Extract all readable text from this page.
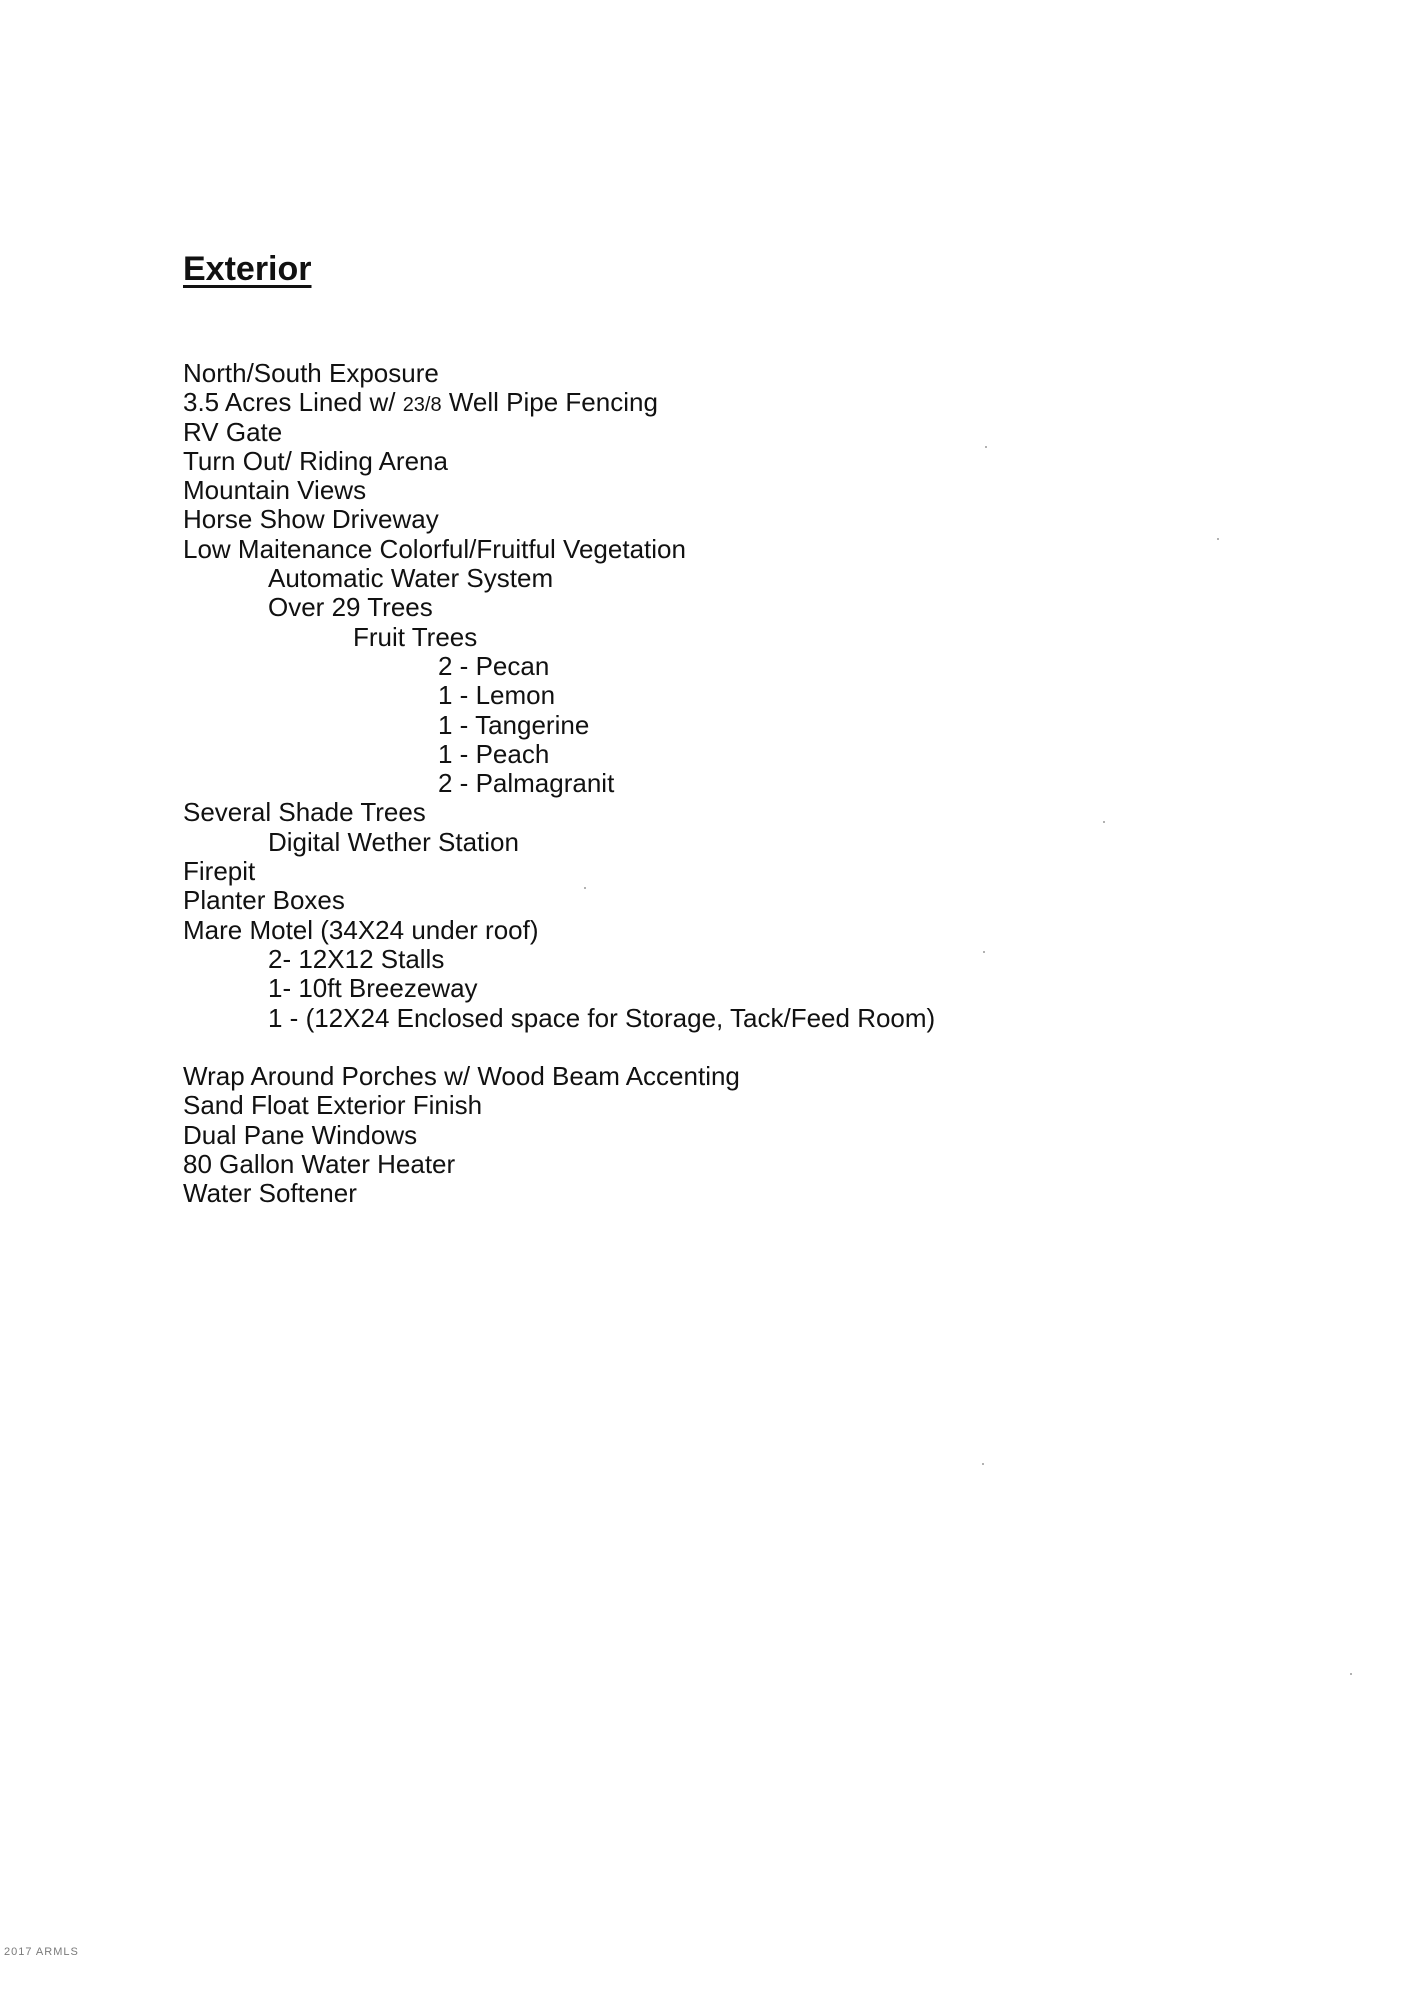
Exterior
North/South Exposure
3.5 Acres Lined w/ 23/8 Well Pipe Fencing
RV Gate
Turn Out/ Riding Arena
Mountain Views
Horse Show Driveway
Low Maitenance Colorful/Fruitful Vegetation
Automatic Water System
Over 29 Trees
Fruit Trees
2 - Pecan
1 - Lemon
1 - Tangerine
1 - Peach
2 - Palmagranit
Several Shade Trees
Digital Wether Station
Firepit
Planter Boxes
Mare Motel (34X24 under roof)
2- 12X12 Stalls
1- 10ft Breezeway
1 - (12X24 Enclosed space for Storage, Tack/Feed Room)
Wrap Around Porches w/ Wood Beam Accenting
Sand Float Exterior Finish
Dual Pane Windows
80 Gallon Water Heater
Water Softener
2017 ARMLS
